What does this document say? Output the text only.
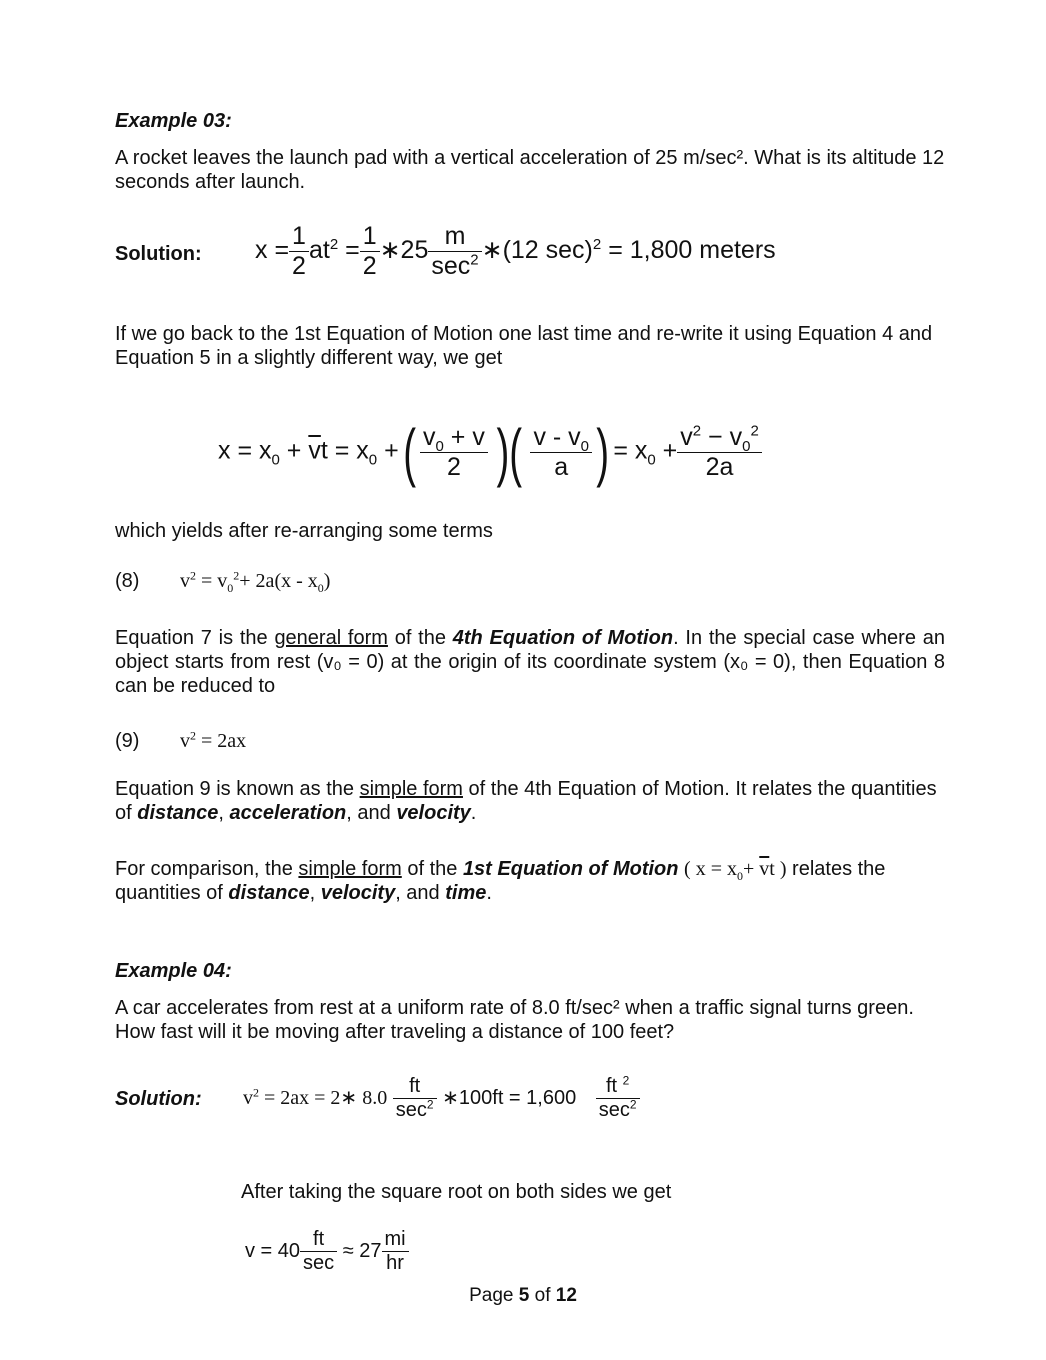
Example 03:

A rocket leaves the launch pad with a vertical acceleration of 25 m/sec². What is its altitude 12 seconds after launch.

Solution: $x = \frac{1}{2} at^2 = \frac{1}{2}$ ∗25 $\frac{m}{\sec^2}$ ∗(12 sec)$^2$ = 1,800 meters

If we go back to the 1st Equation of Motion one last time and re-write it using Equation 4 and Equation 5 in a slightly different way, we get

$x = x_0 + \overline{v}t = x_0$ +( $\frac{v_0 + v}{2}$ )( $\frac{v - v_0}{a}$ ) = $x_0 + \frac{v^2 - v_0^2}{2a}$

which yields after re-arranging some terms

(8) $v^2 = v_0^2+ 2a(x - x_0)$

Equation 7 is the general form of the 4th Equation of Motion. In the special case where an object starts from rest (v₀ = 0) at the origin of its coordinate system (x₀ = 0), then Equation 8 can be reduced to

(9) $v^2 = 2ax$

Equation 9 is known as the simple form of the 4th Equation of Motion. It relates the quantities of distance, acceleration, and velocity.

For comparison, the simple form of the 1st Equation of Motion ( $x = x_0+ \overline{v}t$ ) relates the quantities of distance, velocity, and time.

Example 04:

A car accelerates from rest at a uniform rate of 8.0 ft/sec² when a traffic signal turns green. How fast will it be moving after traveling a distance of 100 feet?

Solution: $v^2 = 2ax$ = 2∗ $8.0 \frac{ft}{\sec^2}$ ∗100ft = $1,600 \frac{ft ^2}{\sec^2}$

After taking the square root on both sides we get

$v = 40 \frac{ft}{\sec} \approx 27 \frac{mi}{hr}$
Page 5 of 12
